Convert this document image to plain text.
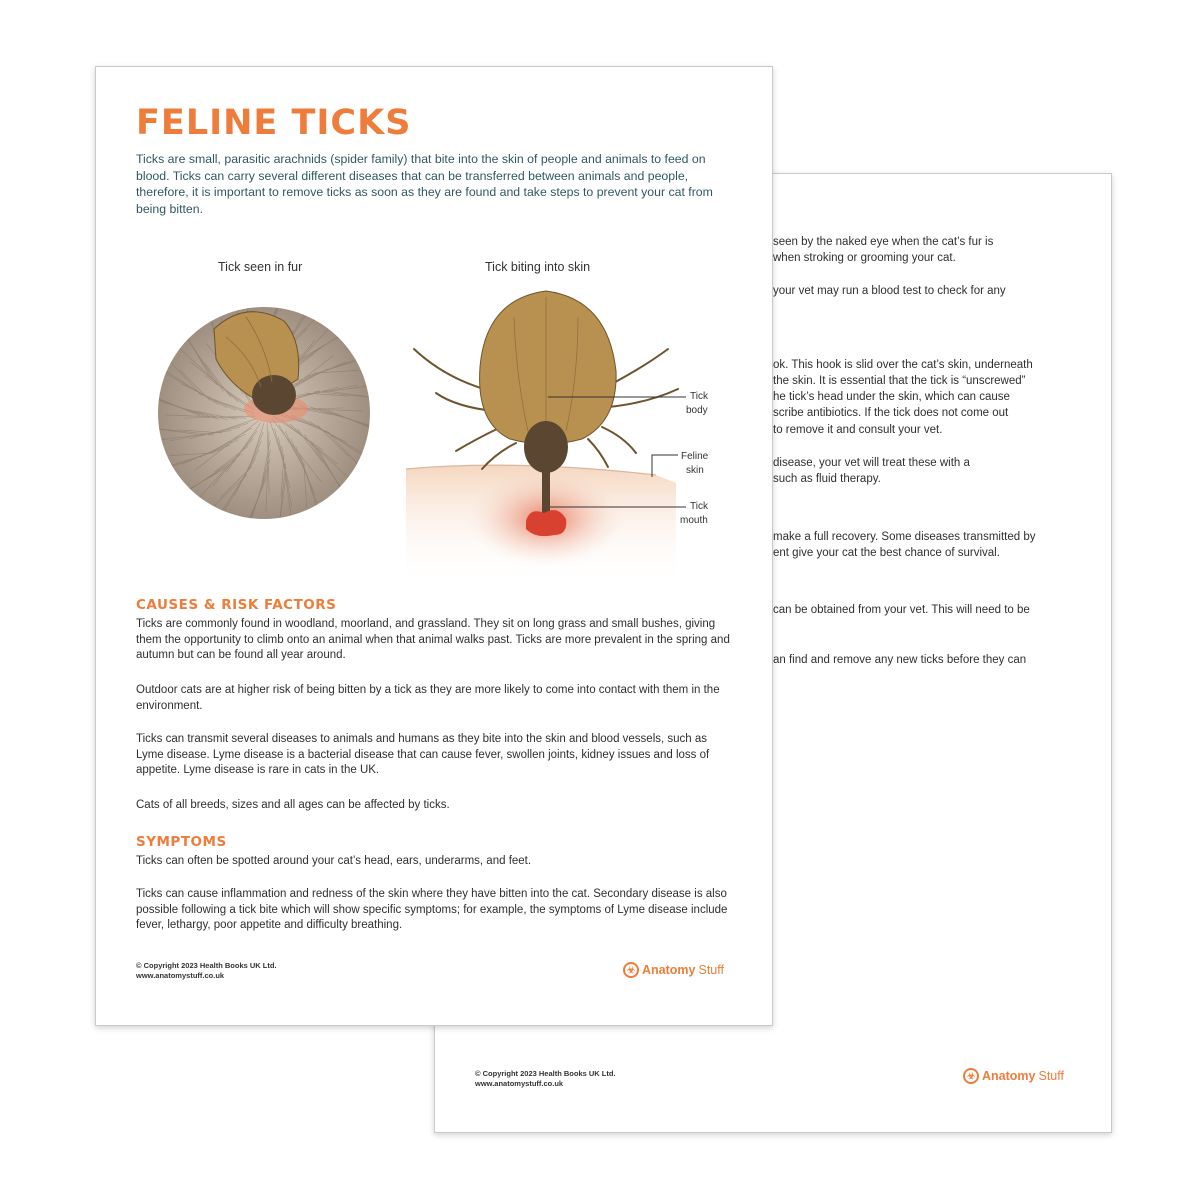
seen by the naked eye when the cat’s fur is

when stroking or grooming your cat.

your vet may run a blood test to check for any

ok. This hook is slid over the cat’s skin, underneath

the skin. It is essential that the tick is “unscrewed”

he tick’s head under the skin, which can cause

scribe antibiotics. If the tick does not come out

to remove it and consult your vet.

disease, your vet will treat these with a

such as fluid therapy.

make a full recovery. Some diseases transmitted by

ent give your cat the best chance of survival.

can be obtained from your vet. This will need to be

an find and remove any new ticks before they can

© Copyright 2023 Health Books UK Ltd.
www.anatomystuff.co.uk
☣ Anatomy Stuff
FELINE TICKS

Ticks are small, parasitic arachnids (spider family) that bite into the skin of people and animals to feed on blood. Ticks can carry several different diseases that can be transferred between animals and people, therefore, it is important to remove ticks as soon as they are found and take steps to prevent your cat from being bitten.

Tick seen in fur	Tick biting into skin

Tick
body
Feline
skin
Tick
mouth
CAUSES & RISK FACTORS

Ticks are commonly found in woodland, moorland, and grassland. They sit on long grass and small bushes, giving them the opportunity to climb onto an animal when that animal walks past. Ticks are more prevalent in the spring and autumn but can be found all year around.

Outdoor cats are at higher risk of being bitten by a tick as they are more likely to come into contact with them in the environment.

Ticks can transmit several diseases to animals and humans as they bite into the skin and blood vessels, such as Lyme disease. Lyme disease is a bacterial disease that can cause fever, swollen joints, kidney issues and loss of appetite. Lyme disease is rare in cats in the UK.

Cats of all breeds, sizes and all ages can be affected by ticks.

SYMPTOMS

Ticks can often be spotted around your cat’s head, ears, underarms, and feet.

Ticks can cause inflammation and redness of the skin where they have bitten into the cat. Secondary disease is also possible following a tick bite which will show specific symptoms; for example, the symptoms of Lyme disease include fever, lethargy, poor appetite and difficulty breathing.

© Copyright 2023 Health Books UK Ltd.
www.anatomystuff.co.uk
☣ Anatomy Stuff
